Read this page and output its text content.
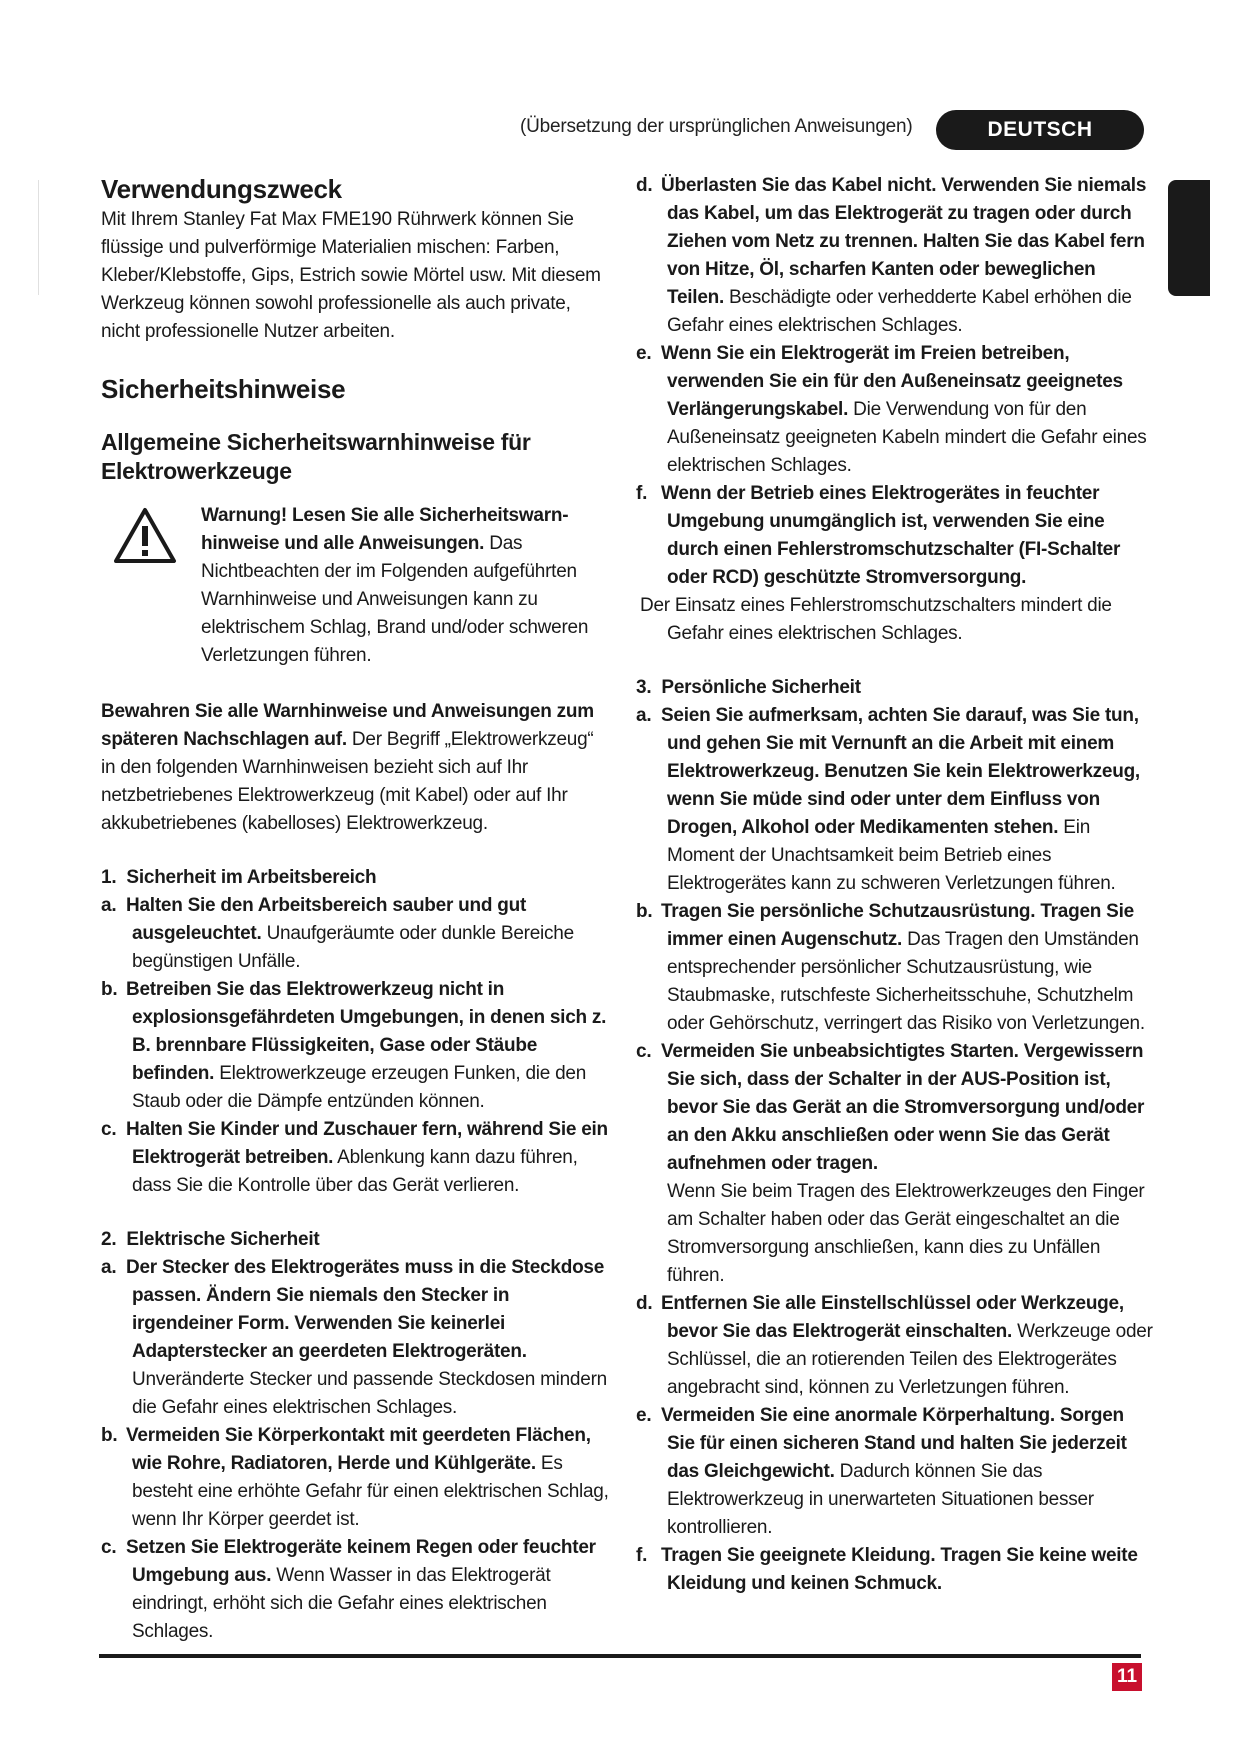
(Übersetzung der ursprünglichen Anweisungen)	DEUTSCH
Verwendungszweck

Mit Ihrem Stanley Fat Max FME190 Rührwerk können Sie flüssige und pulverförmige Materialien mischen: Farben, Kleber/Klebstoffe, Gips, Estrich sowie Mörtel usw. Mit diesem Werkzeug können sowohl professionelle als auch private, nicht professionelle Nutzer arbeiten.

Sicherheitshinweise
Allgemeine Sicherheitswarnhinweise für Elektrowerkzeuge

Warnung! Lesen Sie alle Sicherheitswarn-hinweise und alle Anweisungen. Das Nichtbeachten der im Folgenden aufgeführten Warnhinweise und Anweisungen kann zu elektrischem Schlag, Brand und/oder schweren Verletzungen führen.

Bewahren Sie alle Warnhinweise und Anweisungen zum späteren Nachschlagen auf. Der Begriff „Elektrowerkzeug“ in den folgenden Warnhinweisen bezieht sich auf Ihr netzbetriebenes Elektrowerkzeug (mit Kabel) oder auf Ihr akkubetriebenes (kabelloses) Elektrowerkzeug.

1. Sicherheit im Arbeitsbereich

a. Halten Sie den Arbeitsbereich sauber und gut ausgeleuchtet. Unaufgeräumte oder dunkle Bereiche begünstigen Unfälle.

b. Betreiben Sie das Elektrowerkzeug nicht in explosionsgefährdeten Umgebungen, in denen sich z. B. brennbare Flüssigkeiten, Gase oder Stäube befinden. Elektrowerkzeuge erzeugen Funken, die den Staub oder die Dämpfe entzünden können.

c. Halten Sie Kinder und Zuschauer fern, während Sie ein Elektrogerät betreiben. Ablenkung kann dazu führen, dass Sie die Kontrolle über das Gerät verlieren.

2. Elektrische Sicherheit

a. Der Stecker des Elektrogerätes muss in die Steckdose passen. Ändern Sie niemals den Stecker in irgendeiner Form. Verwenden Sie keinerlei Adapterstecker an geerdeten Elektrogeräten. Unveränderte Stecker und passende Steckdosen mindern die Gefahr eines elektrischen Schlages.

b. Vermeiden Sie Körperkontakt mit geerdeten Flächen, wie Rohre, Radiatoren, Herde und Kühlgeräte. Es besteht eine erhöhte Gefahr für einen elektrischen Schlag, wenn Ihr Körper geerdet ist.

c. Setzen Sie Elektrogeräte keinem Regen oder feuchter Umgebung aus. Wenn Wasser in das Elektrogerät eindringt, erhöht sich die Gefahr eines elektrischen Schlages.

d. Überlasten Sie das Kabel nicht. Verwenden Sie niemals das Kabel, um das Elektrogerät zu tragen oder durch Ziehen vom Netz zu trennen. Halten Sie das Kabel fern von Hitze, Öl, scharfen Kanten oder beweglichen Teilen. Beschädigte oder verhedderte Kabel erhöhen die Gefahr eines elektrischen Schlages.

e. Wenn Sie ein Elektrogerät im Freien betreiben, verwenden Sie ein für den Außeneinsatz geeignetes Verlängerungskabel. Die Verwendung von für den Außeneinsatz geeigneten Kabeln mindert die Gefahr eines elektrischen Schlages.

f. Wenn der Betrieb eines Elektrogerätes in feuchter Umgebung unumgänglich ist, verwenden Sie eine durch einen Fehlerstromschutzschalter (FI-Schalter oder RCD) geschützte Stromversorgung.

Der Einsatz eines Fehlerstromschutzschalters mindert die Gefahr eines elektrischen Schlages.

3. Persönliche Sicherheit

a. Seien Sie aufmerksam, achten Sie darauf, was Sie tun, und gehen Sie mit Vernunft an die Arbeit mit einem Elektrowerkzeug. Benutzen Sie kein Elektrowerkzeug, wenn Sie müde sind oder unter dem Einfluss von Drogen, Alkohol oder Medikamenten stehen. Ein Moment der Unachtsamkeit beim Betrieb eines Elektrogerätes kann zu schweren Verletzungen führen.

b. Tragen Sie persönliche Schutzausrüstung. Tragen Sie immer einen Augenschutz. Das Tragen den Umständen entsprechender persönlicher Schutzausrüstung, wie Staubmaske, rutschfeste Sicherheitsschuhe, Schutzhelm oder Gehörschutz, verringert das Risiko von Verletzungen.

c. Vermeiden Sie unbeabsichtigtes Starten. Vergewissern Sie sich, dass der Schalter in der AUS-Position ist, bevor Sie das Gerät an die Stromversorgung und/oder an den Akku anschließen oder wenn Sie das Gerät aufnehmen oder tragen.
Wenn Sie beim Tragen des Elektrowerkzeuges den Finger am Schalter haben oder das Gerät eingeschaltet an die Stromversorgung anschließen, kann dies zu Unfällen führen.

d. Entfernen Sie alle Einstellschlüssel oder Werkzeuge, bevor Sie das Elektrogerät einschalten. Werkzeuge oder Schlüssel, die an rotierenden Teilen des Elektrogerätes angebracht sind, können zu Verletzungen führen.

e. Vermeiden Sie eine anormale Körperhaltung. Sorgen Sie für einen sicheren Stand und halten Sie jederzeit das Gleichgewicht. Dadurch können Sie das Elektrowerkzeug in unerwarteten Situationen besser kontrollieren.

f. Tragen Sie geeignete Kleidung. Tragen Sie keine weite Kleidung und keinen Schmuck.

11
